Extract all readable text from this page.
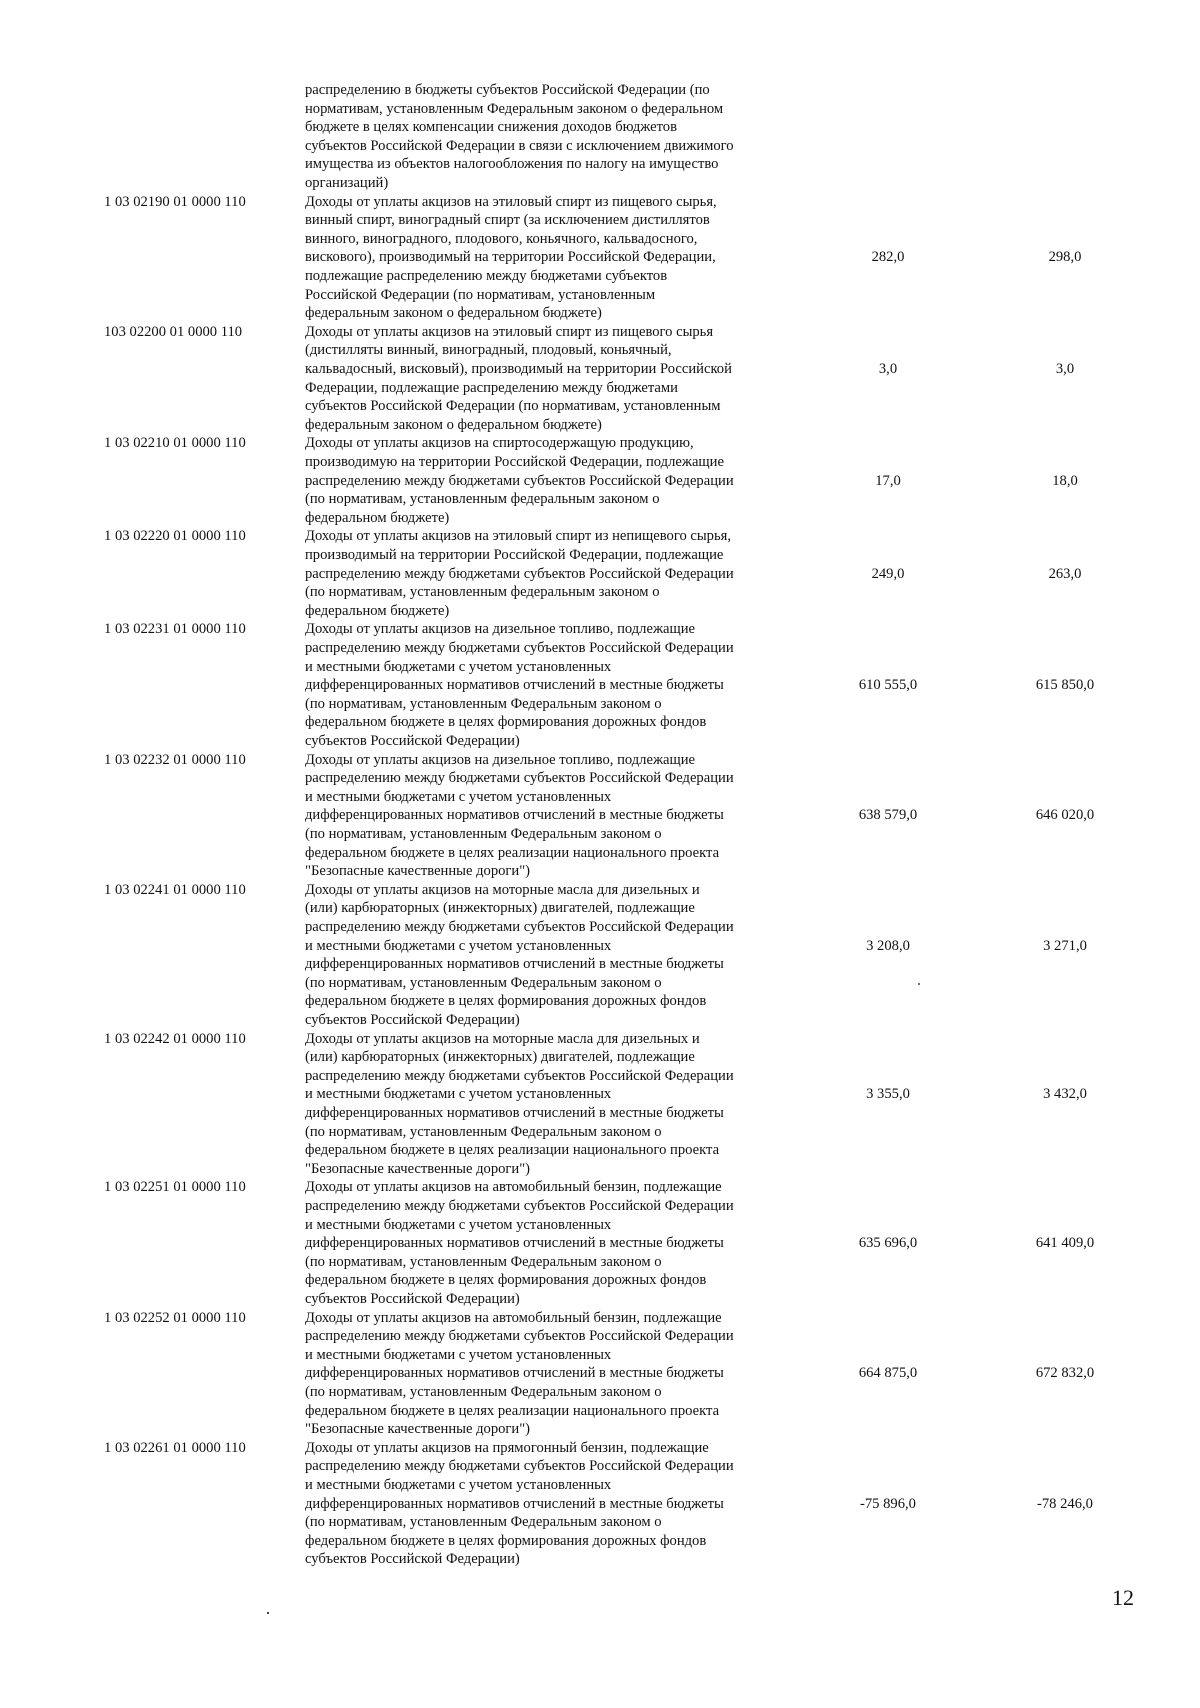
распределению в бюджеты субъектов Российской Федерации (по
нормативам, установленным Федеральным законом о федеральном
бюджете в целях компенсации снижения доходов бюджетов
субъектов Российской Федерации в связи с исключением движимого
имущества из объектов налогообложения по налогу на имущество
организаций)
1 03 02190 01 0000 110	Доходы от уплаты акцизов на этиловый спирт из пищевого сырья,
винный спирт, виноградный спирт (за исключением дистиллятов
винного, виноградного, плодового, коньячного, кальвадосного,
вискового), производимый на территории Российской Федерации,
подлежащие распределению между бюджетами субъектов
Российской Федерации (по нормативам, установленным
федеральным законом о федеральном бюджете)
282,0	298,0
103 02200 01 0000 110	Доходы от уплаты акцизов на этиловый спирт из пищевого сырья
(дистилляты винный, виноградный, плодовый, коньячный,
кальвадосный, висковый), производимый на территории Российской
Федерации, подлежащие распределению между бюджетами
субъектов Российской Федерации (по нормативам, установленным
федеральным законом о федеральном бюджете)
3,0	3,0
1 03 02210 01 0000 110	Доходы от уплаты акцизов на спиртосодержащую продукцию,
производимую на территории Российской Федерации, подлежащие
распределению между бюджетами субъектов Российской Федерации
(по нормативам, установленным федеральным законом о
федеральном бюджете)
17,0	18,0
1 03 02220 01 0000 110	Доходы от уплаты акцизов на этиловый спирт из непищевого сырья,
производимый на территории Российской Федерации, подлежащие
распределению между бюджетами субъектов Российской Федерации
(по нормативам, установленным федеральным законом о
федеральном бюджете)
249,0	263,0
1 03 02231 01 0000 110	Доходы от уплаты акцизов на дизельное топливо, подлежащие
распределению между бюджетами субъектов Российской Федерации
и местными бюджетами с учетом установленных
дифференцированных нормативов отчислений в местные бюджеты
(по нормативам, установленным Федеральным законом о
федеральном бюджете в целях формирования дорожных фондов
субъектов Российской Федерации)
610 555,0	615 850,0
1 03 02232 01 0000 110	Доходы от уплаты акцизов на дизельное топливо, подлежащие
распределению между бюджетами субъектов Российской Федерации
и местными бюджетами с учетом установленных
дифференцированных нормативов отчислений в местные бюджеты
(по нормативам, установленным Федеральным законом о
федеральном бюджете в целях реализации национального проекта
"Безопасные качественные дороги")
638 579,0	646 020,0
1 03 02241 01 0000 110	Доходы от уплаты акцизов на моторные масла для дизельных и
(или) карбюраторных (инжекторных) двигателей, подлежащие
распределению между бюджетами субъектов Российской Федерации
и местными бюджетами с учетом установленных
дифференцированных нормативов отчислений в местные бюджеты
(по нормативам, установленным Федеральным законом о
федеральном бюджете в целях формирования дорожных фондов
субъектов Российской Федерации)
3 208,0	3 271,0
1 03 02242 01 0000 110	Доходы от уплаты акцизов на моторные масла для дизельных и
(или) карбюраторных (инжекторных) двигателей, подлежащие
распределению между бюджетами субъектов Российской Федерации
и местными бюджетами с учетом установленных
дифференцированных нормативов отчислений в местные бюджеты
(по нормативам, установленным Федеральным законом о
федеральном бюджете в целях реализации национального проекта
"Безопасные качественные дороги")
3 355,0	3 432,0
1 03 02251 01 0000 110	Доходы от уплаты акцизов на автомобильный бензин, подлежащие
распределению между бюджетами субъектов Российской Федерации
и местными бюджетами с учетом установленных
дифференцированных нормативов отчислений в местные бюджеты
(по нормативам, установленным Федеральным законом о
федеральном бюджете в целях формирования дорожных фондов
субъектов Российской Федерации)
635 696,0	641 409,0
1 03 02252 01 0000 110	Доходы от уплаты акцизов на автомобильный бензин, подлежащие
распределению между бюджетами субъектов Российской Федерации
и местными бюджетами с учетом установленных
дифференцированных нормативов отчислений в местные бюджеты
(по нормативам, установленным Федеральным законом о
федеральном бюджете в целях реализации национального проекта
"Безопасные качественные дороги")
664 875,0	672 832,0
1 03 02261 01 0000 110	Доходы от уплаты акцизов на прямогонный бензин, подлежащие
распределению между бюджетами субъектов Российской Федерации
и местными бюджетами с учетом установленных
дифференцированных нормативов отчислений в местные бюджеты
(по нормативам, установленным Федеральным законом о
федеральном бюджете в целях формирования дорожных фондов
субъектов Российской Федерации)
-75 896,0	-78 246,0
12
